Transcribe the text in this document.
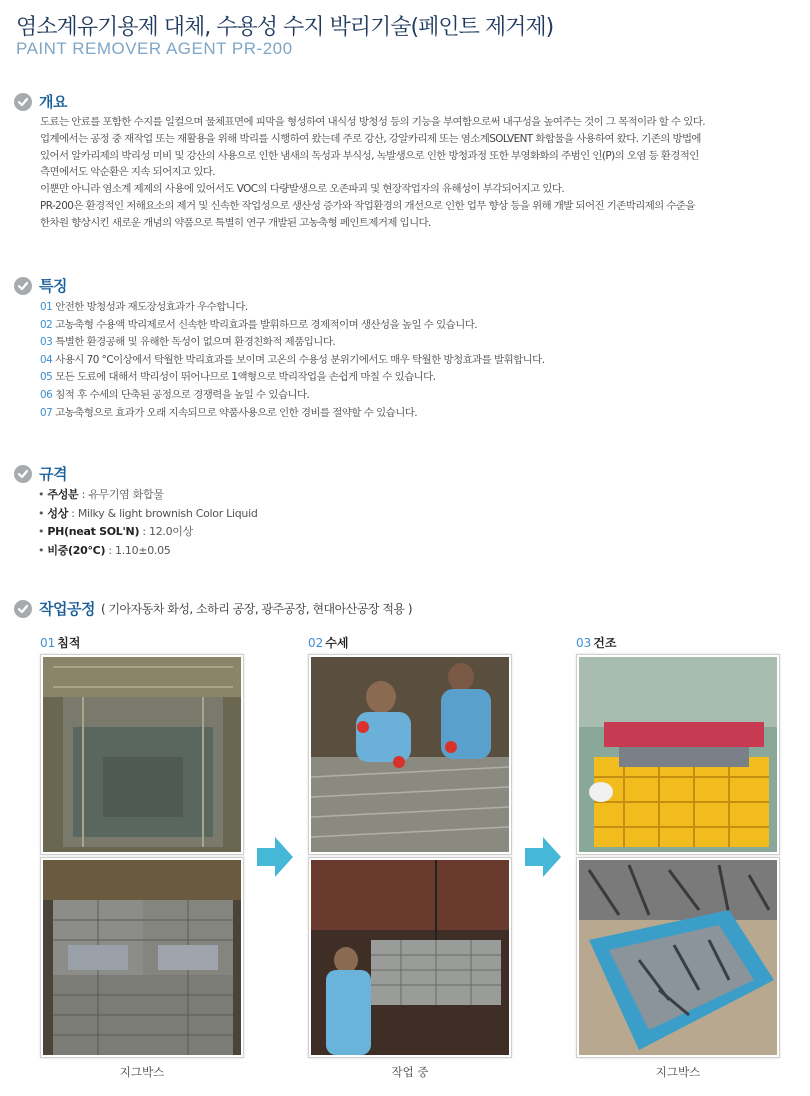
염소계유기용제 대체, 수용성 수지 박리기술(페인트 제거제)
PAINT REMOVER AGENT PR-200
개요

도료는 안료를 포함한 수지를 일컬으며 물체표면에 피막을 형성하여 내식성 방청성 등의 기능을 부여함으로써 내구성을 높여주는 것이 그 목적이라 할 수 있다.

업계에서는 공정 중 재작업 또는 재활용을 위해 박리를 시행하여 왔는데 주로 강산, 강알카리제 또는 염소계SOLVENT 화합물을 사용하여 왔다. 기존의 방법에

있어서 알카리제의 박리성 미비 및 강산의 사용으로 인한 냄새의 독성과 부식성, 녹발생으로 인한 방청과정 또한 부영화화의 주범인 인(P)의 오염 등 환경적인

측면에서도 악순환은 지속 되어지고 있다.

이뿐만 아니라 염소계 제제의 사용에 있어서도 VOC의 다량발생으로 오존파괴 및 현장작업자의 유해성이 부각되어지고 있다.

PR-200은 환경적인 저해요소의 제거 및 신속한 작업성으로 생산성 증가와 작업환경의 개선으로 인한 업무 향상 등을 위해 개발 되어진 기존박리제의 수준을

한차원 향상시킨 새로운 개념의 약품으로 특별히 연구 개발된 고농축형 페인트제거제 입니다.

특징
01 안전한 방청성과 재도장성효과가 우수합니다.
02 고농축형 수용액 박리제로서 신속한 박리효과를 발휘하므로 경제적이며 생산성을 높일 수 있습니다.
03 특별한 환경공해 및 유해한 독성이 없으며 환경친화적 제품입니다.
04 사용시 70 °C이상에서 탁월한 박리효과를 보이며 고온의 수용성 분위기에서도 매우 탁월한 방청효과를 발휘합니다.
05 모든 도료에 대해서 박리성이 뛰어나므로 1액형으로 박리작업을 손쉽게 마칠 수 있습니다.
06 침적 후 수세의 단축된 공정으로 경쟁력을 높일 수 있습니다.
07 고농축형으로 효과가 오래 지속되므로 약품사용으로 인한 경비를 절약할 수 있습니다.
규격
• 주성분 : 유무기염 화합물
• 성상 : Milky & light brownish Color Liquid
• PH(neat SOL'N) : 12.0이상
• 비중(20°C) : 1.10±0.05
작업공정 ( 기아자동차 화성, 소하리 공장, 광주공장, 현대아산공장 적용 )
01 침적	02 수세	03 건조
지그박스	작업 중	지그박스
